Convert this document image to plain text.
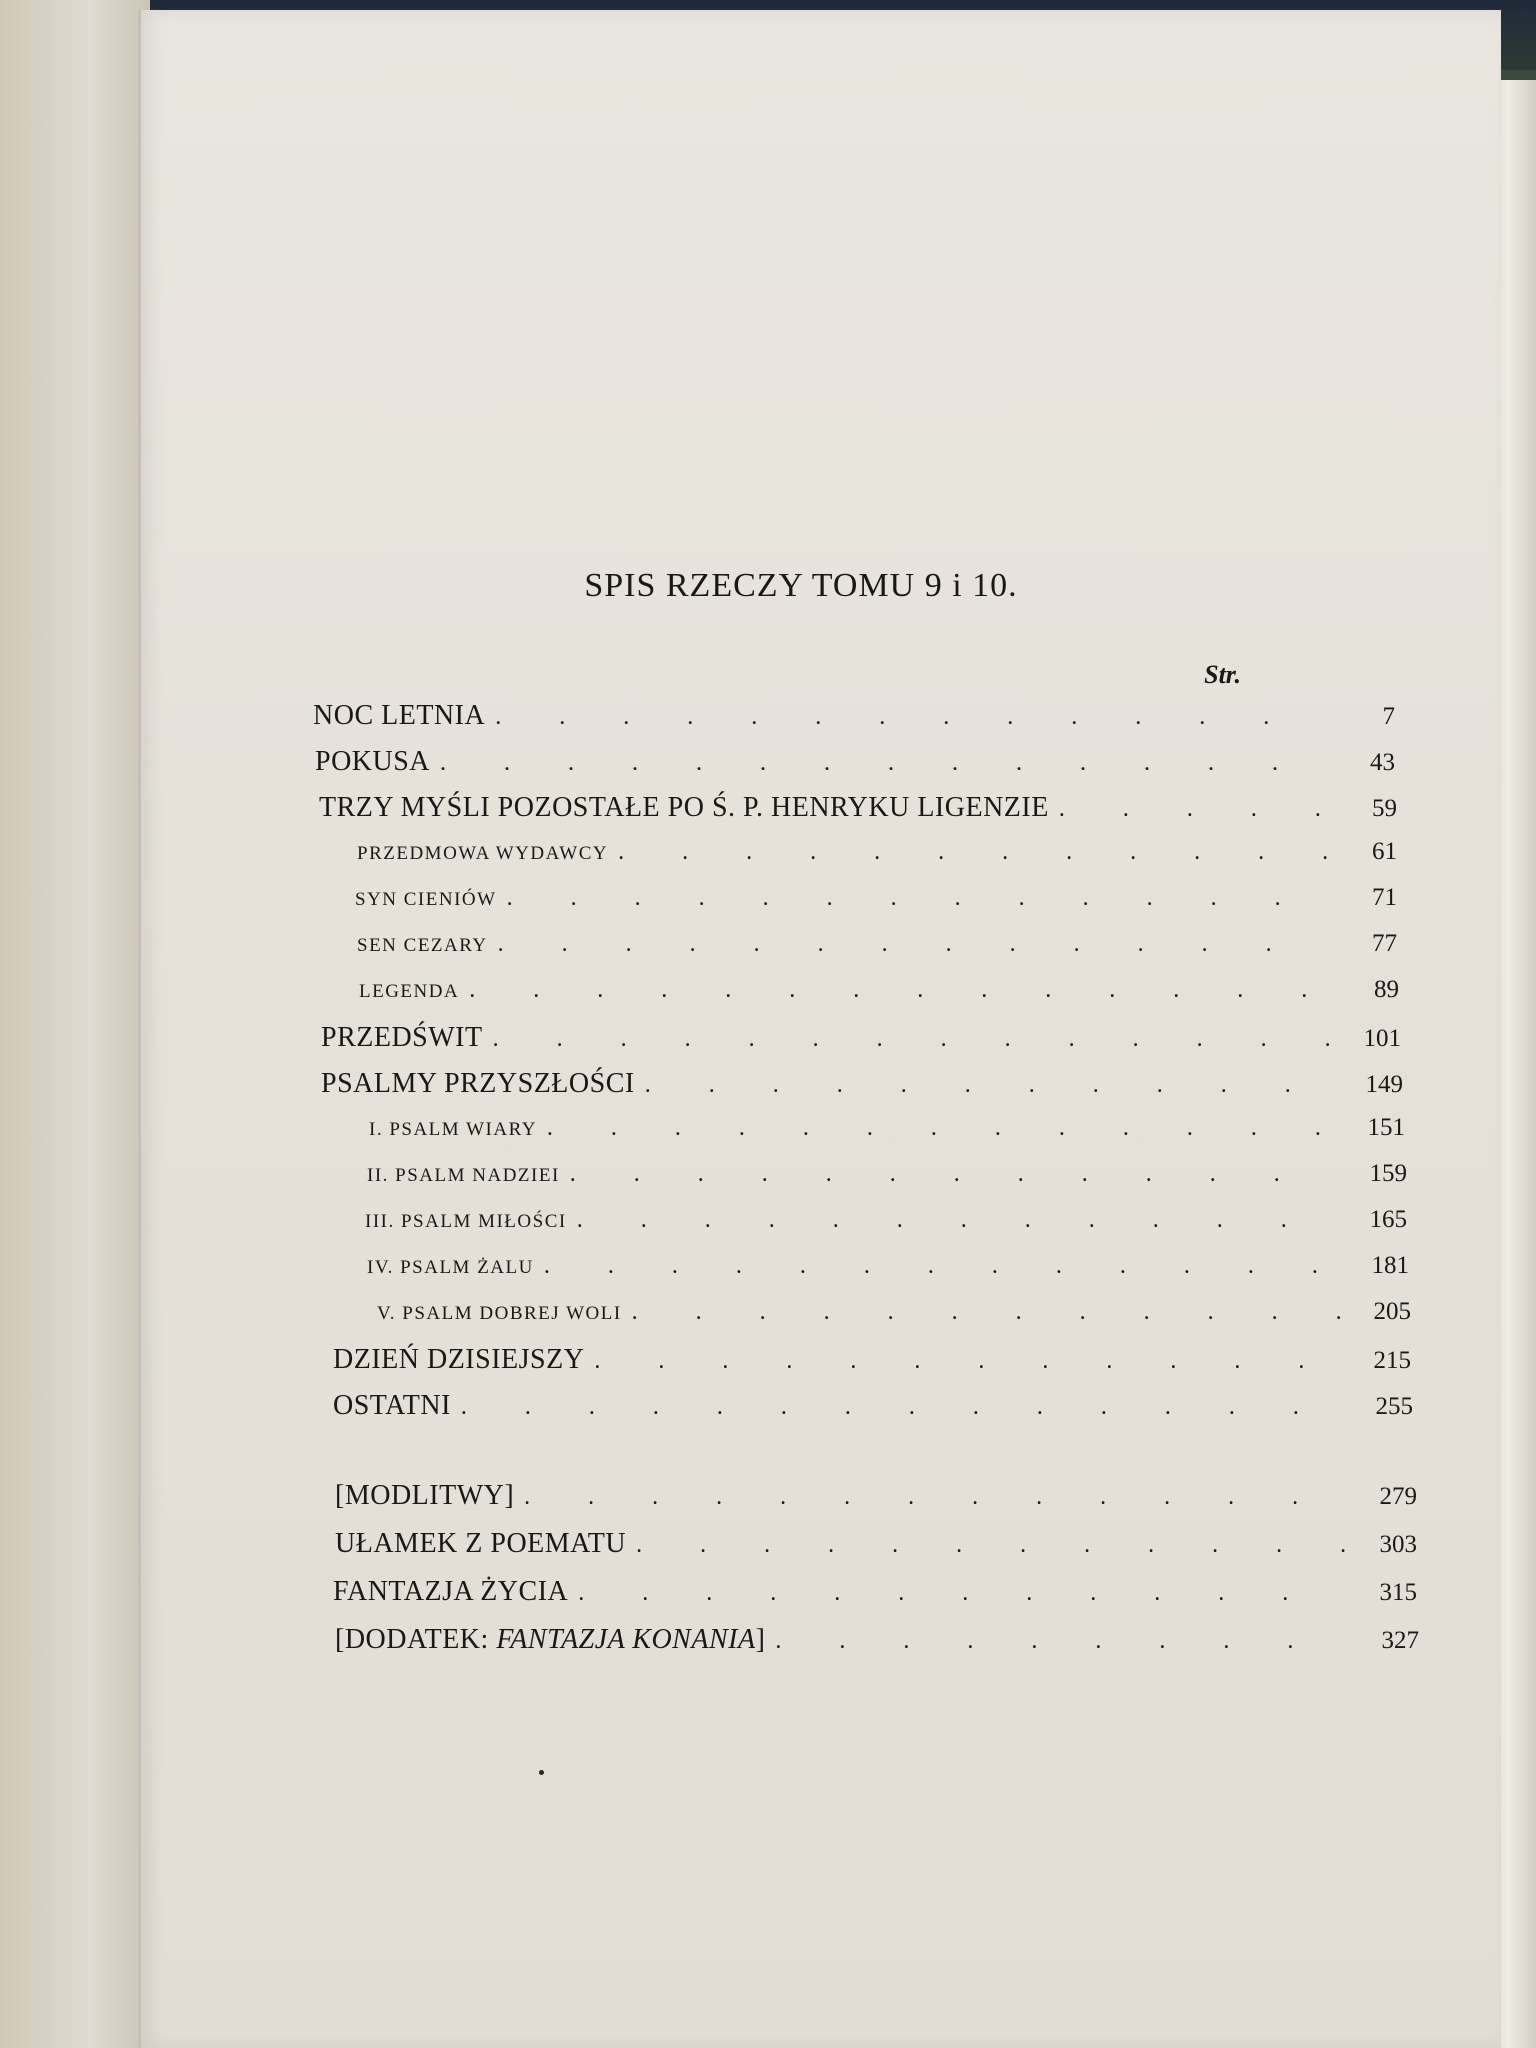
SPIS RZECZY TOMU 9 i 10.
Str.
NOC LETNIA . . .	7
POKUSA . . .	43
TRZY MYŚLI POZOSTAŁE PO Ś. P. HENRYKU LIGENZIE . . .	59
PRZEDMOWA WYDAWCY . . .	61
SYN CIENIÓW . . .	71
SEN CEZARY . . .	77
LEGENDA . . .	89
PRZEDŚWIT . . .	101
PSALMY PRZYSZŁOŚCI . . .	149
I. PSALM WIARY . . .	151
II. PSALM NADZIEI . . .	159
III. PSALM MIŁOŚCI . . .	165
IV. PSALM ŻALU . . .	181
V. PSALM DOBREJ WOLI . . .	205
DZIEŃ DZISIEJSZY . . .	215
OSTATNI . . .	255
[MODLITWY] . . .	279
UŁAMEK Z POEMATU . . .	303
FANTAZJA ŻYCIA . . .	315
[DODATEK: FANTAZJA KONANIA] . . .	327
